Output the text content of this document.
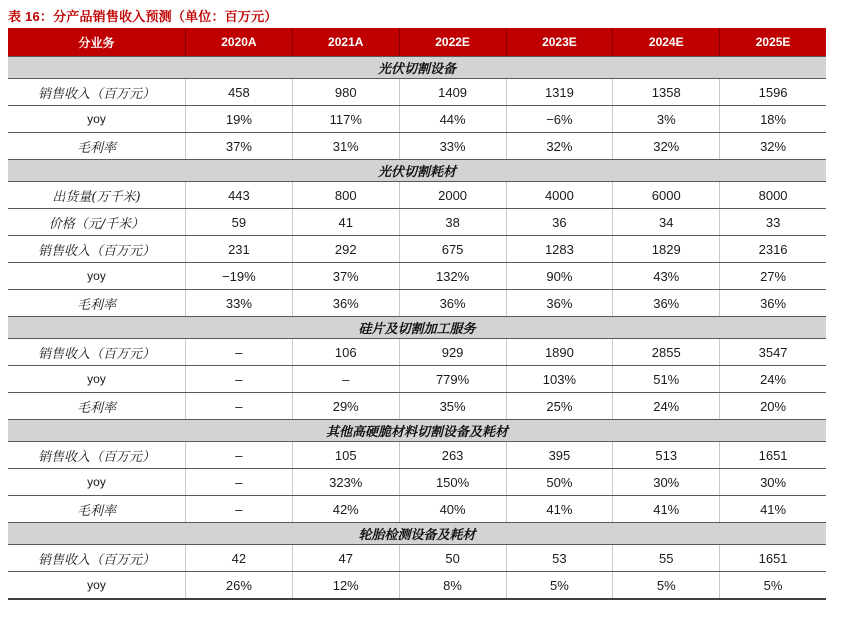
表 16：分产品销售收入预测（单位：百万元）
分业务	2020A	2021A	2022E	2023E	2024E	2025E
光伏切割设备
销售收入（百万元）	458	980	1409	1319	1358	1596
yoy	19%	117%	44%	−6%	3%	18%
毛利率	37%	31%	33%	32%	32%	32%
光伏切割耗材
出货量(万千米)	443	800	2000	4000	6000	8000
价格（元/千米）	59	41	38	36	34	33
销售收入（百万元）	231	292	675	1283	1829	2316
yoy	−19%	37%	132%	90%	43%	27%
毛利率	33%	36%	36%	36%	36%	36%
硅片及切割加工服务
销售收入（百万元）	–	106	929	1890	2855	3547
yoy	–	–	779%	103%	51%	24%
毛利率	–	29%	35%	25%	24%	20%
其他高硬脆材料切割设备及耗材
销售收入（百万元）	–	105	263	395	513	1651
yoy	–	323%	150%	50%	30%	30%
毛利率	–	42%	40%	41%	41%	41%
轮胎检测设备及耗材
销售收入（百万元）	42	47	50	53	55	1651
yoy	26%	12%	8%	5%	5%	5%
